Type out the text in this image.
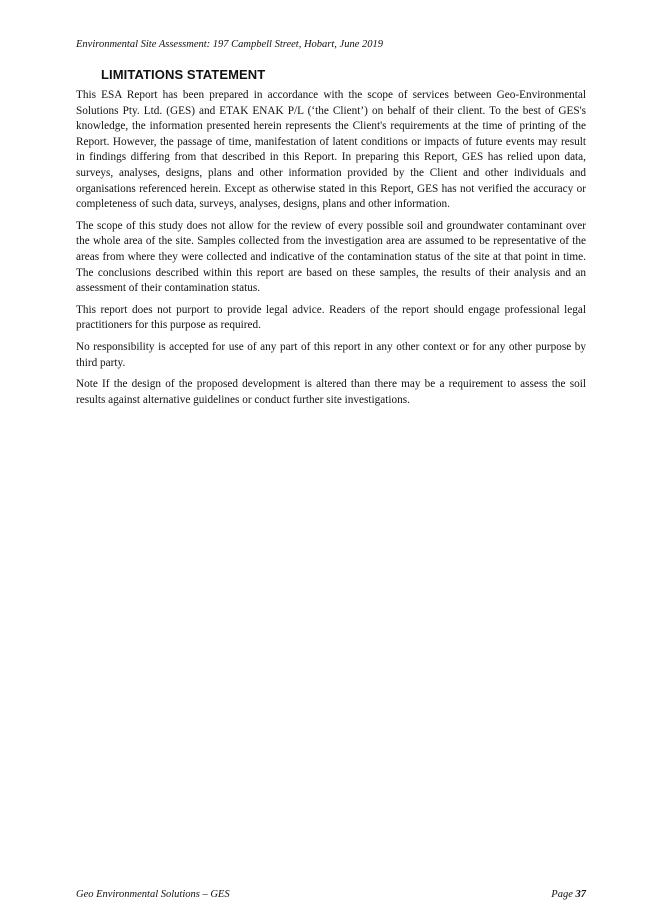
Environmental Site Assessment: 197 Campbell Street, Hobart, June 2019
LIMITATIONS STATEMENT

This ESA Report has been prepared in accordance with the scope of services between Geo-Environmental Solutions Pty. Ltd. (GES) and ETAK ENAK P/L (‘the Client’) on behalf of their client. To the best of GES's knowledge, the information presented herein represents the Client's requirements at the time of printing of the Report. However, the passage of time, manifestation of latent conditions or impacts of future events may result in findings differing from that described in this Report. In preparing this Report, GES has relied upon data, surveys, analyses, designs, plans and other information provided by the Client and other individuals and organisations referenced herein. Except as otherwise stated in this Report, GES has not verified the accuracy or completeness of such data, surveys, analyses, designs, plans and other information.

The scope of this study does not allow for the review of every possible soil and groundwater contaminant over the whole area of the site. Samples collected from the investigation area are assumed to be representative of the areas from where they were collected and indicative of the contamination status of the site at that point in time. The conclusions described within this report are based on these samples, the results of their analysis and an assessment of their contamination status.

This report does not purport to provide legal advice. Readers of the report should engage professional legal practitioners for this purpose as required.

No responsibility is accepted for use of any part of this report in any other context or for any other purpose by third party.

Note If the design of the proposed development is altered than there may be a requirement to assess the soil results against alternative guidelines or conduct further site investigations.

Geo Environmental Solutions – GES	Page 37
